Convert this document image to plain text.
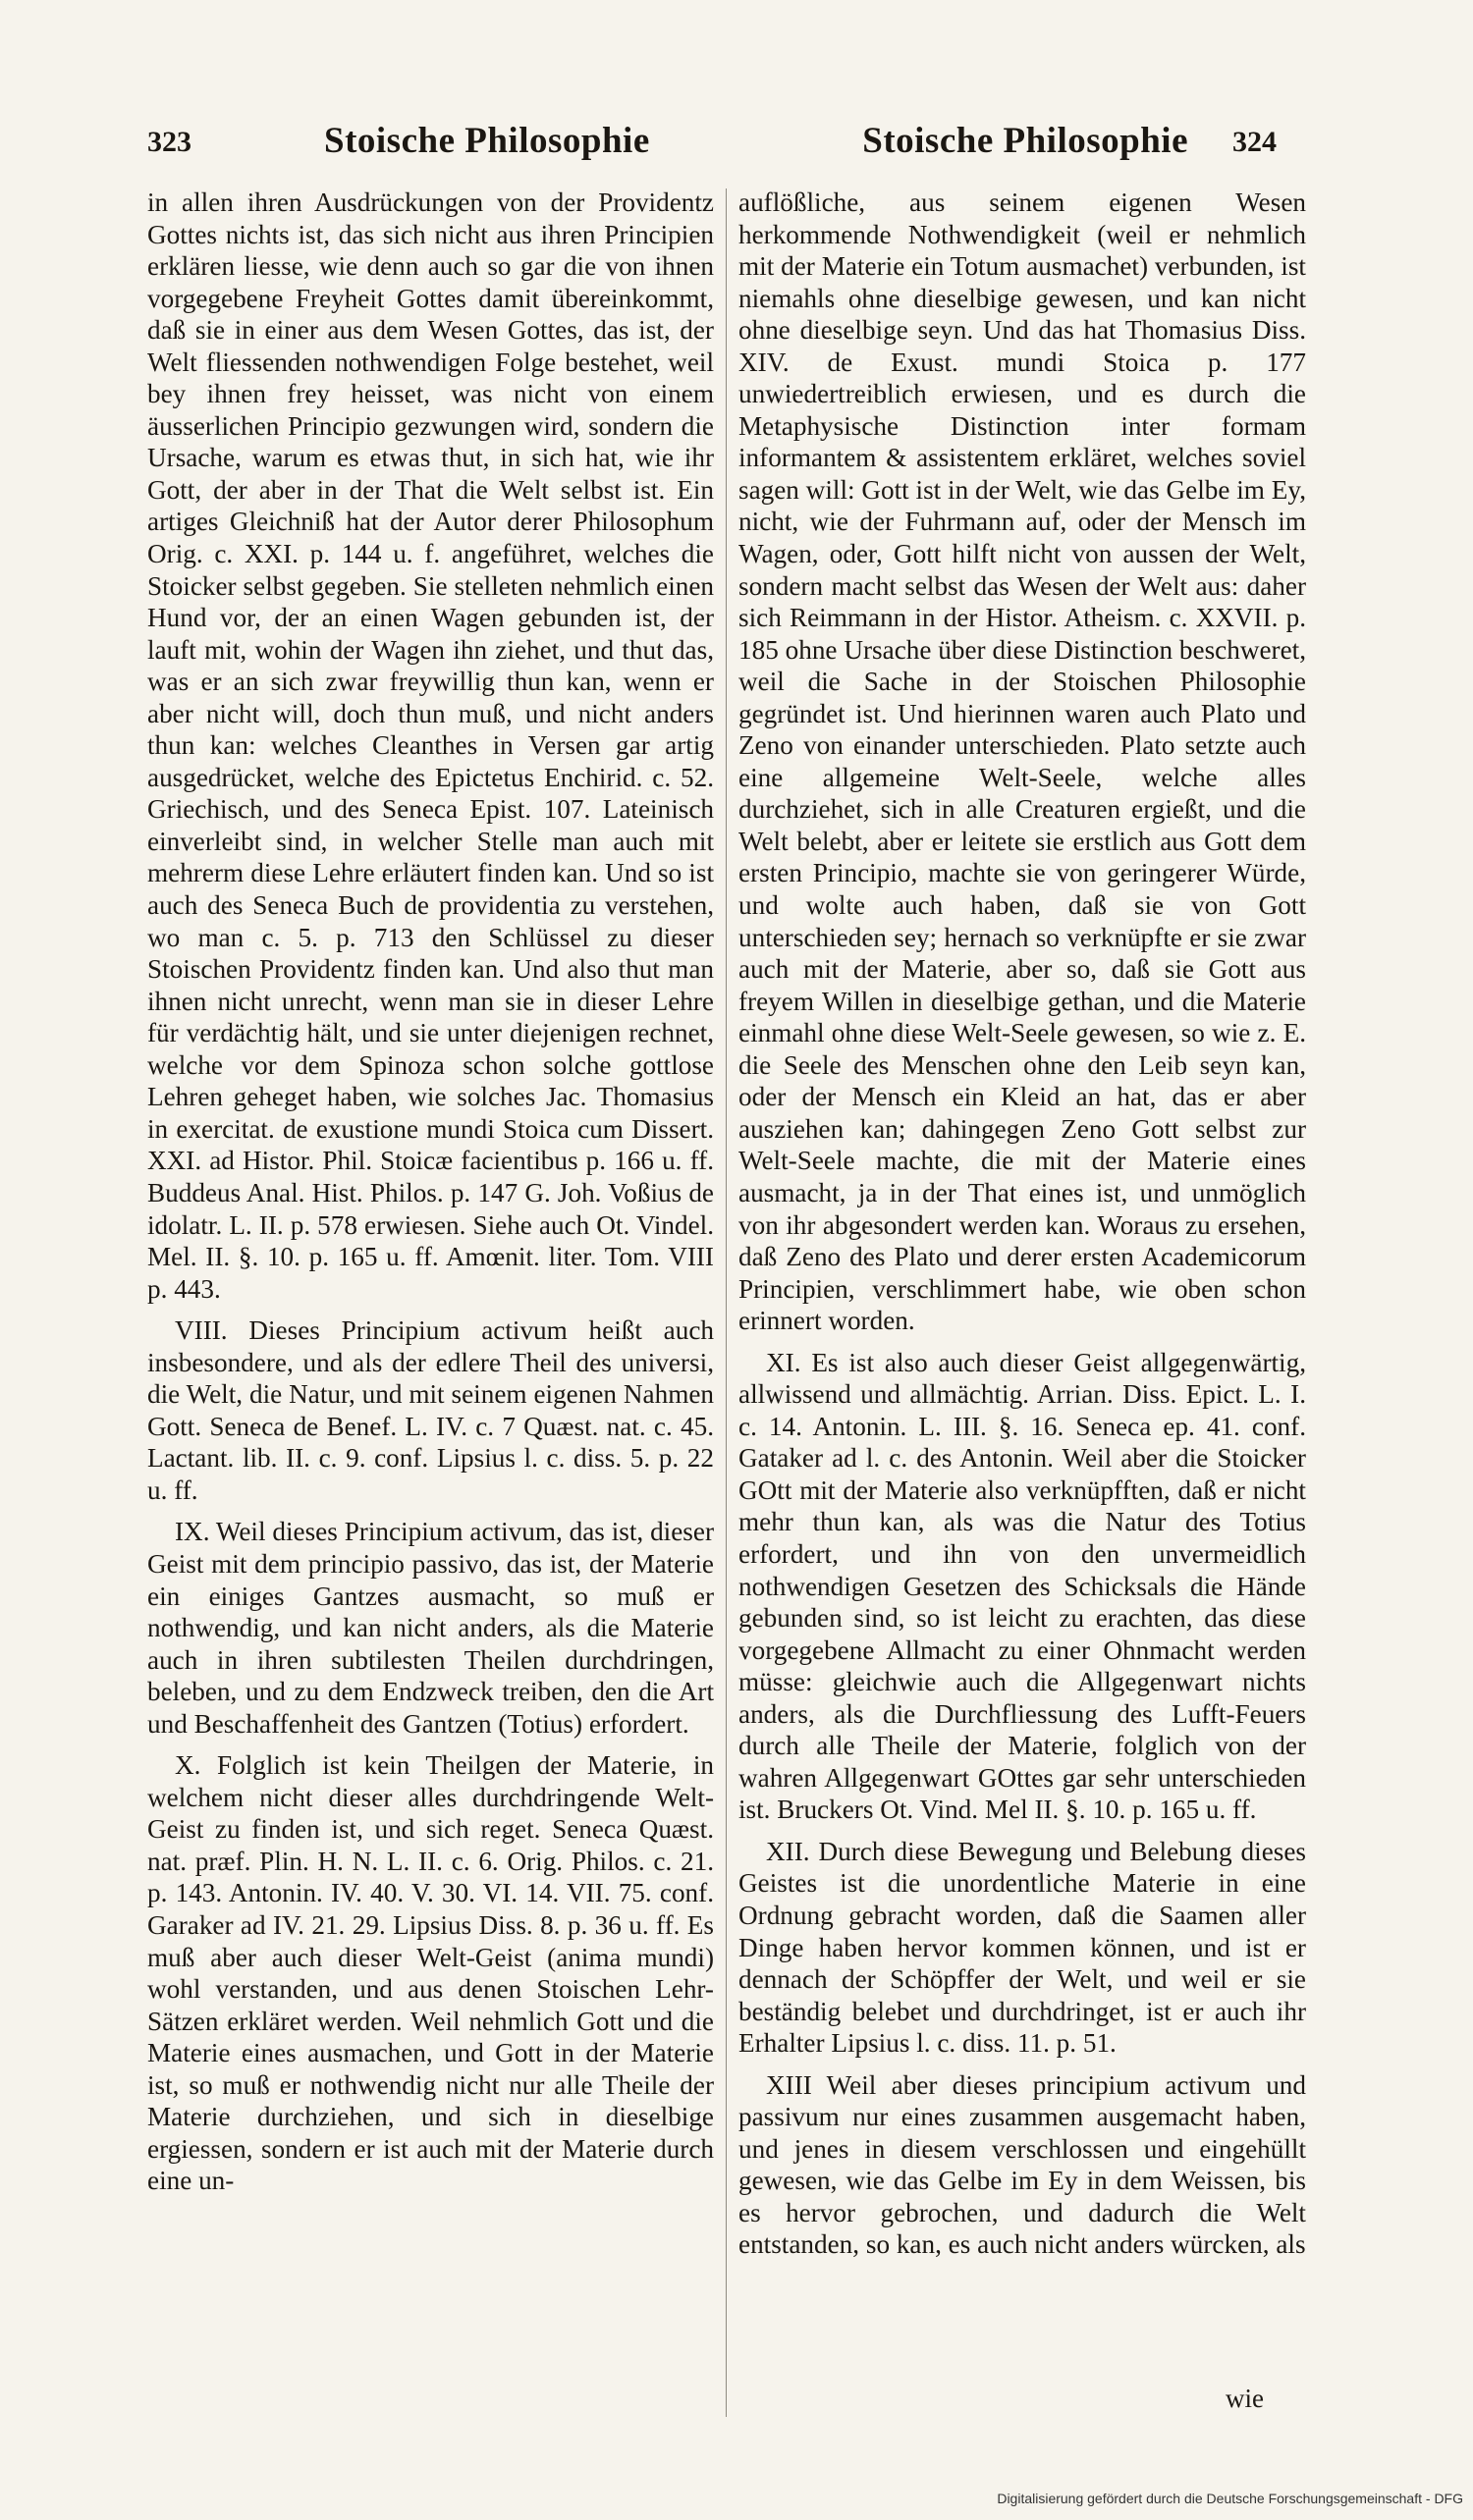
323	Stoische Philosophie	Stoische Philosophie 324

in allen ihren Ausdrückungen von der Providentz Gottes nichts ist, das sich nicht aus ihren Principien erklären liesse, wie denn auch so gar die von ihnen vorgegebene Freyheit Gottes damit übereinkommt, daß sie in einer aus dem Wesen Gottes, das ist, der Welt fliessenden nothwendigen Folge bestehet, weil bey ihnen frey heisset, was nicht von einem äusserlichen Principio gezwungen wird, sondern die Ursache, warum es etwas thut, in sich hat, wie ihr Gott, der aber in der That die Welt selbst ist. Ein artiges Gleichniß hat der Autor derer Philosophum Orig. c. XXI. p. 144 u. f. angeführet, welches die Stoicker selbst gegeben. Sie stelleten nehmlich einen Hund vor, der an einen Wagen gebunden ist, der lauft mit, wohin der Wagen ihn ziehet, und thut das, was er an sich zwar freywillig thun kan, wenn er aber nicht will, doch thun muß, und nicht anders thun kan: welches Cleanthes in Versen gar artig ausgedrücket, welche des Epictetus Enchirid. c. 52. Griechisch, und des Seneca Epist. 107. Lateinisch einverleibt sind, in welcher Stelle man auch mit mehrerm diese Lehre erläutert finden kan. Und so ist auch des Seneca Buch de providentia zu verstehen, wo man c. 5. p. 713 den Schlüssel zu dieser Stoischen Providentz finden kan. Und also thut man ihnen nicht unrecht, wenn man sie in dieser Lehre für verdächtig hält, und sie unter diejenigen rechnet, welche vor dem Spinoza schon solche gottlose Lehren geheget haben, wie solches Jac. Thomasius in exercitat. de exustione mundi Stoica cum Dissert. XXI. ad Histor. Phil. Stoicæ facientibus p. 166 u. ff. Buddeus Anal. Hist. Philos. p. 147 G. Joh. Voßius de idolatr. L. II. p. 578 erwiesen. Siehe auch Ot. Vindel. Mel. II. §. 10. p. 165 u. ff. Amœnit. liter. Tom. VIII p. 443.

VIII. Dieses Principium activum heißt auch insbesondere, und als der edlere Theil des universi, die Welt, die Natur, und mit seinem eigenen Nahmen Gott. Seneca de Benef. L. IV. c. 7 Quæst. nat. c. 45. Lactant. lib. II. c. 9. conf. Lipsius l. c. diss. 5. p. 22 u. ff.

IX. Weil dieses Principium activum, das ist, dieser Geist mit dem principio passivo, das ist, der Materie ein einiges Gantzes ausmacht, so muß er nothwendig, und kan nicht anders, als die Materie auch in ihren subtilesten Theilen durchdringen, beleben, und zu dem Endzweck treiben, den die Art und Beschaffenheit des Gantzen (Totius) erfordert.

X. Folglich ist kein Theilgen der Materie, in welchem nicht dieser alles durchdringende Welt-Geist zu finden ist, und sich reget. Seneca Quæst. nat. præf. Plin. H. N. L. II. c. 6. Orig. Philos. c. 21. p. 143. Antonin. IV. 40. V. 30. VI. 14. VII. 75. conf. Garaker ad IV. 21. 29. Lipsius Diss. 8. p. 36 u. ff. Es muß aber auch dieser Welt-Geist (anima mundi) wohl verstanden, und aus denen Stoischen Lehr-Sätzen erkläret werden. Weil nehmlich Gott und die Materie eines ausmachen, und Gott in der Materie ist, so muß er nothwendig nicht nur alle Theile der Materie durchziehen, und sich in dieselbige ergiessen, sondern er ist auch mit der Materie durch eine un-

auflößliche, aus seinem eigenen Wesen herkommende Nothwendigkeit (weil er nehmlich mit der Materie ein Totum ausmachet) verbunden, ist niemahls ohne dieselbige gewesen, und kan nicht ohne dieselbige seyn. Und das hat Thomasius Diss. XIV. de Exust. mundi Stoica p. 177 unwiedertreiblich erwiesen, und es durch die Metaphysische Distinction inter formam informantem & assistentem erkläret, welches soviel sagen will: Gott ist in der Welt, wie das Gelbe im Ey, nicht, wie der Fuhrmann auf, oder der Mensch im Wagen, oder, Gott hilft nicht von aussen der Welt, sondern macht selbst das Wesen der Welt aus: daher sich Reimmann in der Histor. Atheism. c. XXVII. p. 185 ohne Ursache über diese Distinction beschweret, weil die Sache in der Stoischen Philosophie gegründet ist. Und hierinnen waren auch Plato und Zeno von einander unterschieden. Plato setzte auch eine allgemeine Welt-Seele, welche alles durchziehet, sich in alle Creaturen ergießt, und die Welt belebt, aber er leitete sie erstlich aus Gott dem ersten Principio, machte sie von geringerer Würde, und wolte auch haben, daß sie von Gott unterschieden sey; hernach so verknüpfte er sie zwar auch mit der Materie, aber so, daß sie Gott aus freyem Willen in dieselbige gethan, und die Materie einmahl ohne diese Welt-Seele gewesen, so wie z. E. die Seele des Menschen ohne den Leib seyn kan, oder der Mensch ein Kleid an hat, das er aber ausziehen kan; dahingegen Zeno Gott selbst zur Welt-Seele machte, die mit der Materie eines ausmacht, ja in der That eines ist, und unmöglich von ihr abgesondert werden kan. Woraus zu ersehen, daß Zeno des Plato und derer ersten Academicorum Principien, verschlimmert habe, wie oben schon erinnert worden.

XI. Es ist also auch dieser Geist allgegenwärtig, allwissend und allmächtig. Arrian. Diss. Epict. L. I. c. 14. Antonin. L. III. §. 16. Seneca ep. 41. conf. Gataker ad l. c. des Antonin. Weil aber die Stoicker GOtt mit der Materie also verknüpfften, daß er nicht mehr thun kan, als was die Natur des Totius erfordert, und ihn von den unvermeidlich nothwendigen Gesetzen des Schicksals die Hände gebunden sind, so ist leicht zu erachten, das diese vorgegebene Allmacht zu einer Ohnmacht werden müsse: gleichwie auch die Allgegenwart nichts anders, als die Durchfliessung des Lufft-Feuers durch alle Theile der Materie, folglich von der wahren Allgegenwart GOttes gar sehr unterschieden ist. Bruckers Ot. Vind. Mel II. §. 10. p. 165 u. ff.

XII. Durch diese Bewegung und Belebung dieses Geistes ist die unordentliche Materie in eine Ordnung gebracht worden, daß die Saamen aller Dinge haben hervor kommen können, und ist er dennach der Schöpffer der Welt, und weil er sie beständig belebet und durchdringet, ist er auch ihr Erhalter Lipsius l. c. diss. 11. p. 51.

XIII Weil aber dieses principium activum und passivum nur eines zusammen ausgemacht haben, und jenes in diesem verschlossen und eingehüllt gewesen, wie das Gelbe im Ey in dem Weissen, bis es hervor gebrochen, und dadurch die Welt entstanden, so kan, es auch nicht anders würcken, als

wie
Digitalisierung gefördert durch die Deutsche Forschungsgemeinschaft - DFG
